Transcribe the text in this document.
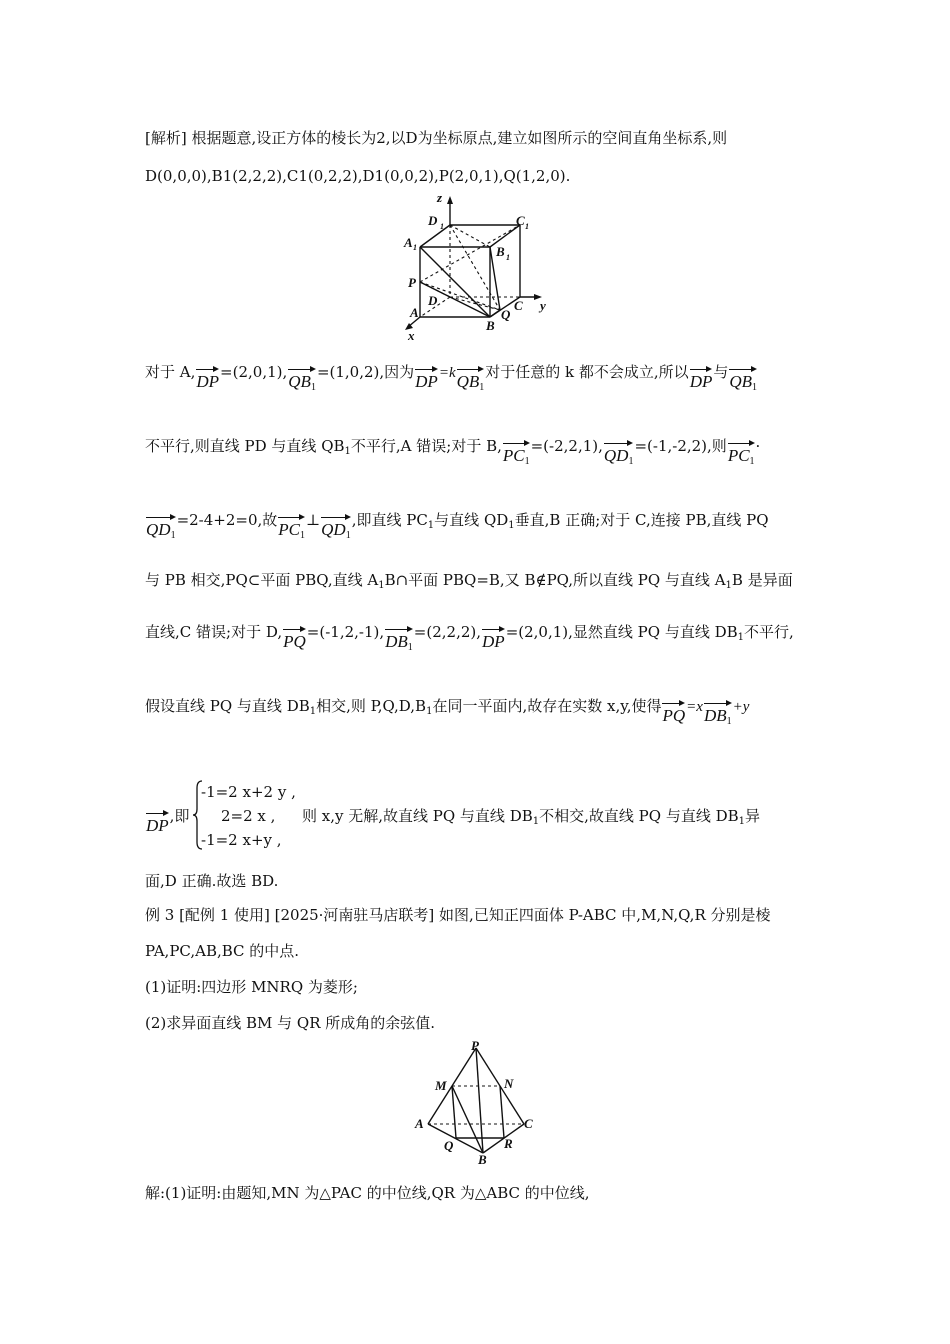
[解析] 根据题意,设正方体的棱长为2,以D为坐标原点,建立如图所示的空间直角坐标系,则
D(0,0,0),B1(2,2,2),C1(0,2,2),D1(0,0,2),P(2,0,1),Q(1,2,0).
z
y
x
D 1	C 1
A 1	B 1
P
D	C
A
B
Q
对于 A, DP =(2,0,1), $QB_1$
=(1,0,2),因为 DP =k $QB_1$
对于任意的 k 都不会成立,所以 DP 与 $QB_1$
不平行,则直线 PD 与直线 $QB_1$不平行,A 错误;对于 B, $PC_1$
=(-2,2,1), $QD_1$
=(-1,-2,2),则 $PC_1$
·
$QD_1$
=2-4+2=0,故 $PC_1$
⊥ $QD_1$
,即直线 $PC_1$与直线 $QD_1$垂直,B 正确;对于 C,连接 PB,直线 PQ
与 PB 相交,PQ⊂平面 PBQ,直线 $A_1B\cap$平面 PBQ=B,又 B∉PQ,所以直线 PQ 与直线 $A_1B$ 是异面
直线,C 错误;对于 D, PQ =(-1,2,-1), $DB_1$
=(2,2,2), DP =(2,0,1),显然直线 PQ 与直线 $DB_1$不平行,
假设直线 PQ 与直线 $DB_1$相交,则 $P,Q,D,B_1$在同一平面内,故存在实数 x,y,使得 PQ =x $DB_1$
+y
DP ,即
-1=2 x+2 y ,
2=2 x ,
-1=2 x+y ,
则 x,y 无解,故直线 PQ 与直线 $DB_1$不相交,故直线 PQ 与直线 $DB_1$异
面,D 正确.故选 BD.
例 3 [配例 1 使用] [2025·河南驻马店联考] 如图,已知正四面体 P-ABC 中,M,N,Q,R 分别是棱
PA,PC,AB,BC 的中点.
(1)证明:四边形 MNRQ 为菱形;
(2)求异面直线 BM 与 QR 所成角的余弦值.
P
M	N
A	C
Q	R
B
解:(1)证明:由题知,MN 为△PAC 的中位线,QR 为△ABC 的中位线,
